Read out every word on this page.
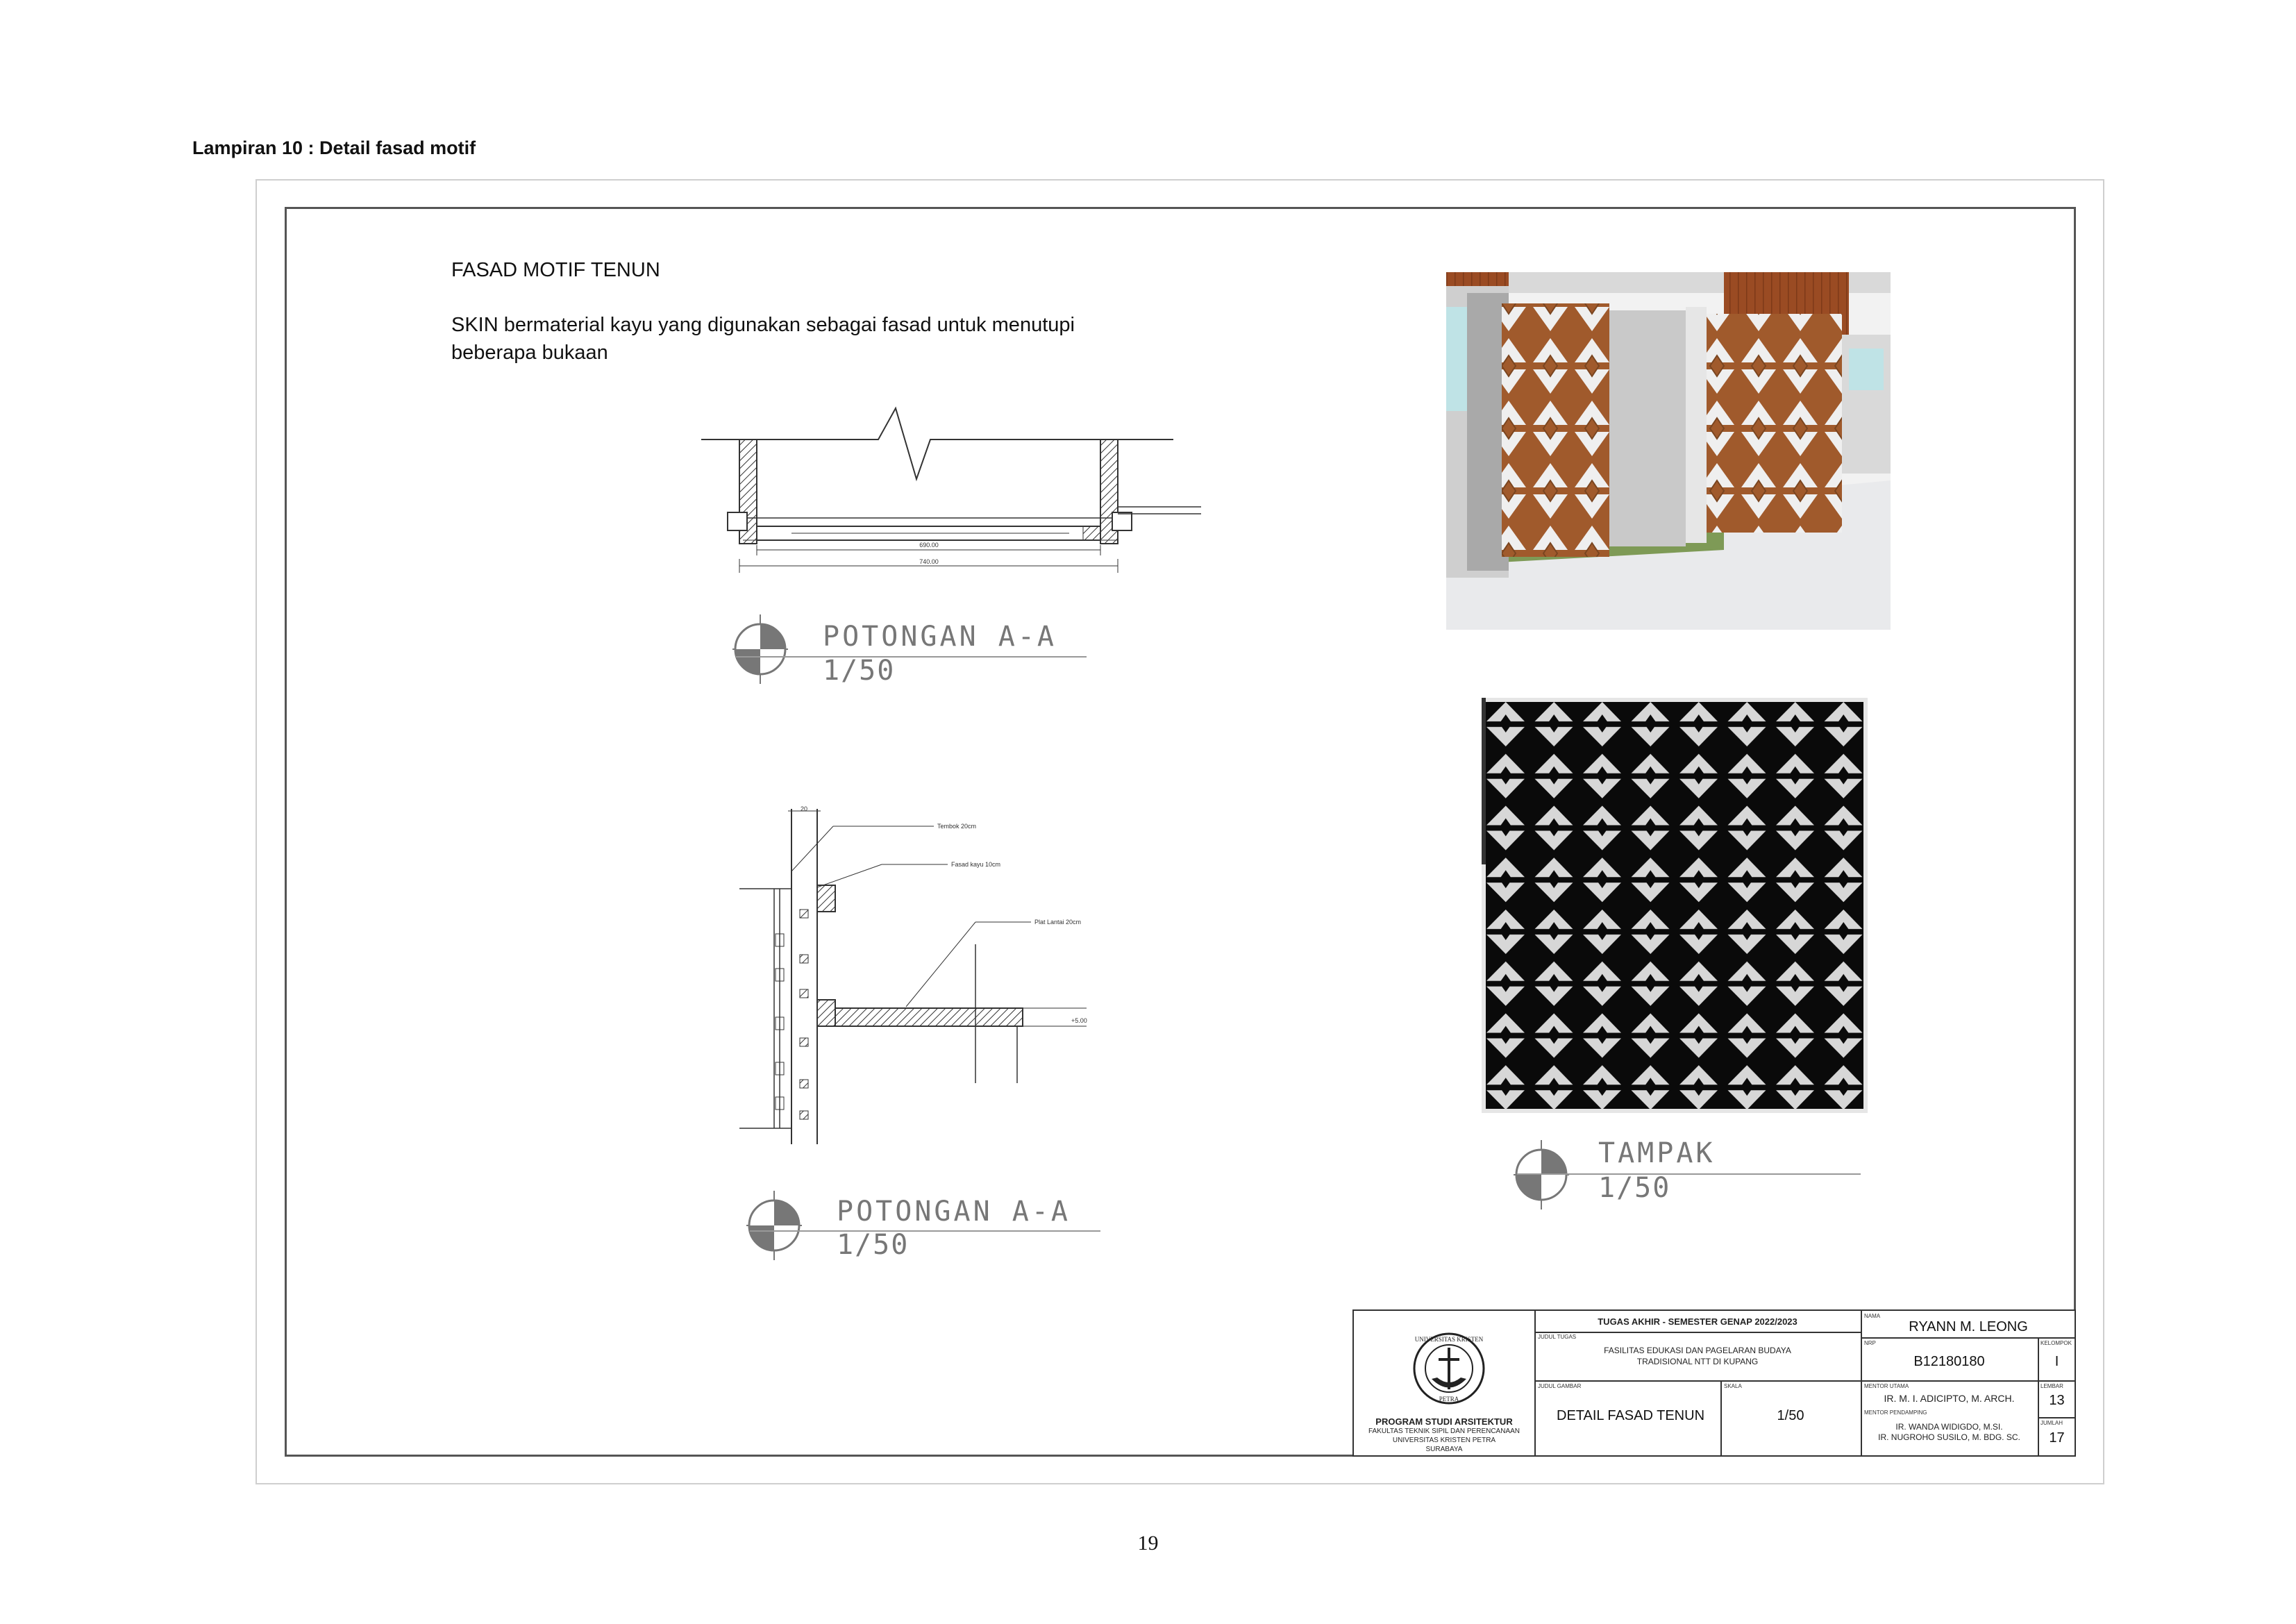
Lampiran 10 : Detail fasad motif
FASAD MOTIF TENUN
SKIN bermaterial kayu yang digunakan sebagai fasad untuk menutupi beberapa bukaan
690.00
740.00
POTONGAN A-A
1/50
20
Tembok 20cm
Fasad kayu 10cm
Plat Lantai 20cm
+5.00
POTONGAN A-A
1/50
TAMPAK
1/50
UNIVERSITAS KRISTEN
PETRA
PROGRAM STUDI ARSITEKTUR
FAKULTAS TEKNIK SIPIL DAN PERENCANAAN
UNIVERSITAS KRISTEN PETRA
SURABAYA
TUGAS AKHIR - SEMESTER GENAP 2022/2023
JUDUL TUGAS
FASILITAS EDUKASI DAN PAGELARAN BUDAYA
TRADISIONAL NTT DI KUPANG
JUDUL GAMBAR
DETAIL FASAD TENUN
SKALA
1/50
NAMA
RYANN M. LEONG
NRP
B12180180
KELOMPOK
I
MENTOR UTAMA
IR. M. I. ADICIPTO, M. ARCH.
MENTOR PENDAMPING
IR. WANDA WIDIGDO, M.SI.
IR. NUGROHO SUSILO, M. BDG. SC.
LEMBAR
13
JUMLAH
17
19
